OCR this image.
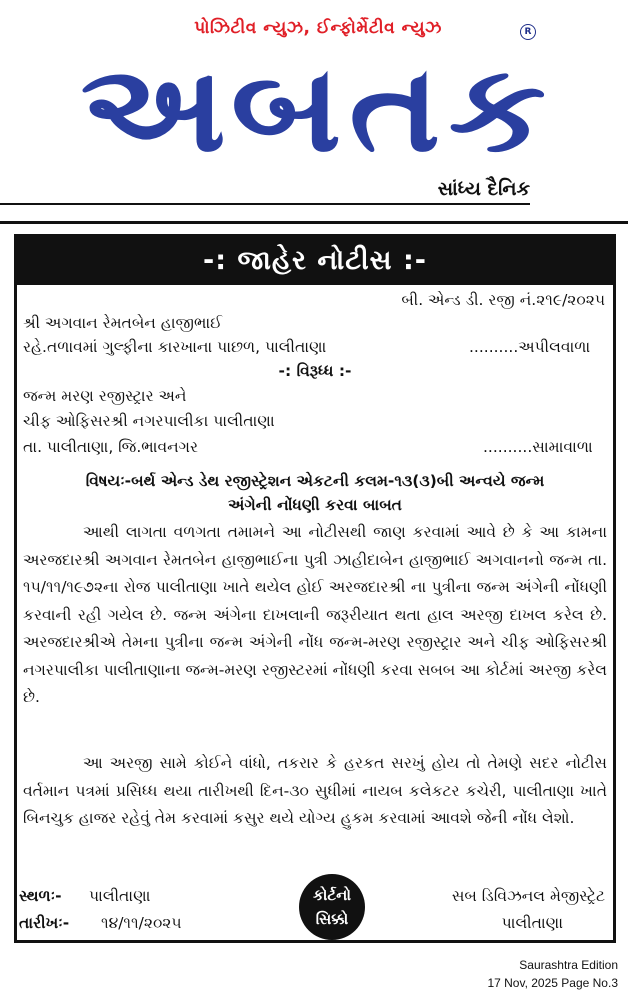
પોઝિટીવ ન્યુઝ, ઈન્ફોર્મેટીવ ન્યુઝ	R
અ બ ત ક
સાંધ્ય દૈનિક
-: જાહેર નોટીસ :-
બી. એન્ડ ડી. રજી નં.૨૧૯/૨૦૨૫
શ્રી અગવાન રેમતબેન હાજીભાઈ
રહે.તળાવમાં ગુલ્ફીના કારખાના પાછળ, પાલીતાણા	..........અપીલવાળા
-: વિરૂધ્ધ :-
જન્મ મરણ રજીસ્ટ્રાર અને
ચીફ ઓફિસરશ્રી નગરપાલીકા પાલીતાણા
તા. પાલીતાણા, જિ.ભાવનગર	..........સામાવાળા
વિષયઃ-બર્થ એન્ડ ડેથ રજીસ્ટ્રેશન એકટની કલમ-૧૩(૩)બી અન્વયે જન્મ
અંગેની નોંધણી કરવા બાબત
આથી લાગતા વળગતા તમામને આ નોટીસથી જાણ કરવામાં આવે છે કે આ કામના અરજદારશ્રી અગવાન રેમતબેન હાજીભાઈના પુત્રી ઝાહીદાબેન હાજીભાઈ અગવાનનો જન્મ તા. ૧૫/૧૧/૧૯૭૨ના રોજ પાલીતાણા ખાતે થયેલ હોઈ અરજદારશ્રી ના પુત્રીના જન્મ અંગેની નોંધણી કરવાની રહી ગયેલ છે. જન્મ અંગેના દાખલાની જરૂરીયાત થતા હાલ અરજી દાખલ કરેલ છે. અરજદારશ્રીએ તેમના પુત્રીના જન્મ અંગેની નોંધ જન્મ-મરણ રજીસ્ટ્રાર અને ચીફ ઓફિસરશ્રી નગરપાલીકા પાલીતાણાના જન્મ-મરણ રજીસ્ટરમાં નોંધણી કરવા સબબ આ કોર્ટમાં અરજી કરેલ છે.
આ અરજી સામે કોઈને વાંધો, તકરાર કે હરકત સરખું હોય તો તેમણે સદર નોટીસ વર્તમાન પત્રમાં પ્રસિધ્ધ થયા તારીખથી દિન-૩૦ સુધીમાં નાયબ કલેકટર કચેરી, પાલીતાણા ખાતે બિનચુક હાજર રહેવું તેમ કરવામાં કસુર થયે યોગ્ય હુકમ કરવામાં આવશે જેની નોંધ લેશો.
સ્થળઃ- પાલીતાણા
તારીખઃ- ૧૪/૧૧/૨૦૨૫
કોર્ટનો
સિક્કો
સબ ડિવિઝનલ મેજીસ્ટ્રેટ
પાલીતાણા
Saurashtra Edition
17 Nov, 2025 Page No.3
